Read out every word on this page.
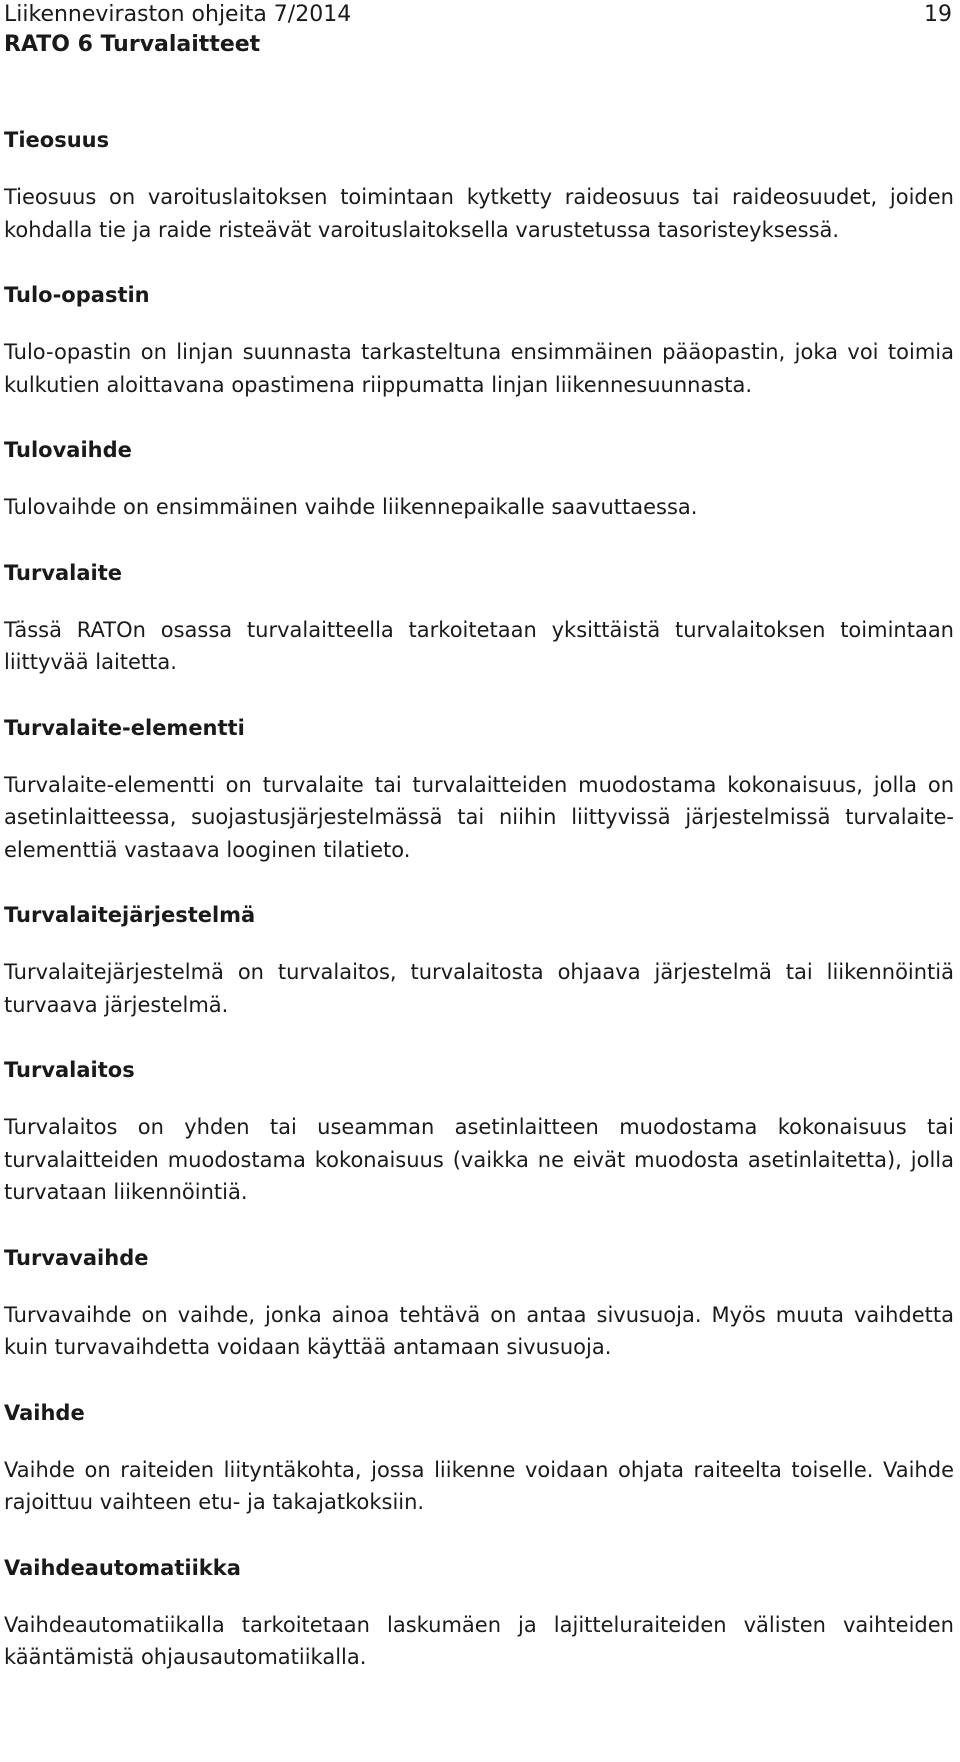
Liikenneviraston ohjeita 7/2014
RATO 6 Turvalaitteet
19

Tieosuus

Tieosuus on varoituslaitoksen toimintaan kytketty raideosuus tai raideosuudet, joiden kohdalla tie ja raide risteävät varoituslaitoksella varustetussa tasoristeyksessä.

Tulo-opastin

Tulo-opastin on linjan suunnasta tarkasteltuna ensimmäinen pääopastin, joka voi toimia kulkutien aloittavana opastimena riippumatta linjan liikennesuunnasta.

Tulovaihde

Tulovaihde on ensimmäinen vaihde liikennepaikalle saavuttaessa.

Turvalaite

Tässä RATOn osassa turvalaitteella tarkoitetaan yksittäistä turvalaitoksen toimintaan liittyvää laitetta.

Turvalaite-elementti

Turvalaite-elementti on turvalaite tai turvalaitteiden muodostama kokonaisuus, jolla on asetinlaitteessa, suojastusjärjestelmässä tai niihin liittyvissä järjestelmissä turvalaite-elementtiä vastaava looginen tilatieto.

Turvalaitejärjestelmä

Turvalaitejärjestelmä on turvalaitos, turvalaitosta ohjaava järjestelmä tai liikennöintiä turvaava järjestelmä.

Turvalaitos

Turvalaitos on yhden tai useamman asetinlaitteen muodostama kokonaisuus tai turvalaitteiden muodostama kokonaisuus (vaikka ne eivät muodosta asetinlaitetta), jolla turvataan liikennöintiä.

Turvavaihde

Turvavaihde on vaihde, jonka ainoa tehtävä on antaa sivusuoja. Myös muuta vaihdetta kuin turvavaihdetta voidaan käyttää antamaan sivusuoja.

Vaihde

Vaihde on raiteiden liityntäkohta, jossa liikenne voidaan ohjata raiteelta toiselle. Vaihde rajoittuu vaihteen etu- ja takajatkoksiin.

Vaihdeautomatiikka

Vaihdeautomatiikalla tarkoitetaan laskumäen ja lajitteluraiteiden välisten vaihteiden kääntämistä ohjausautomatiikalla.
